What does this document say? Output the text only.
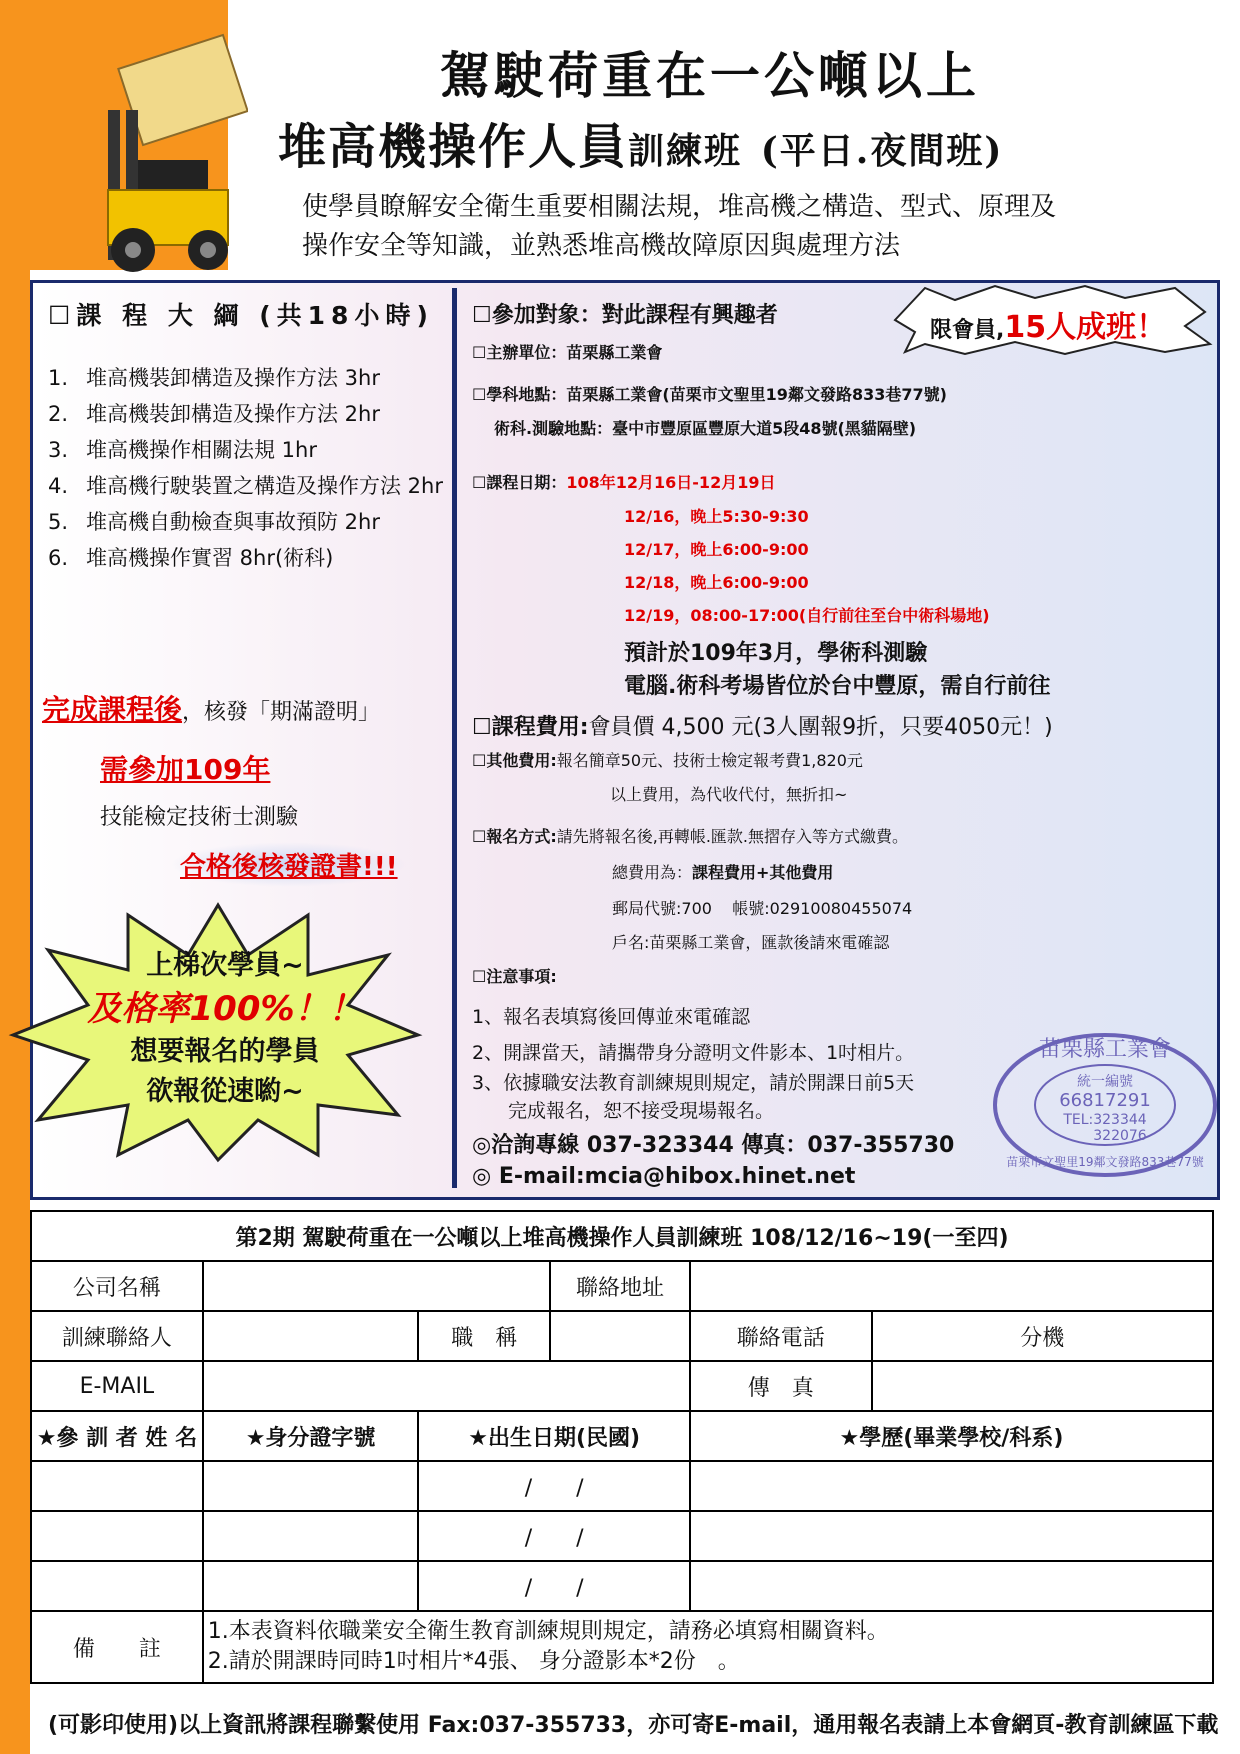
駕駛荷重在一公噸以上
堆高機操作人員訓練班 (平日.夜間班)
使學員瞭解安全衛生重要相關法規，堆高機之構造、型式、原理及
操作安全等知識，並熟悉堆高機故障原因與處理方法
☐課 程 大 綱 (共18小時)
1. 堆高機裝卸構造及操作方法 3hr
2. 堆高機裝卸構造及操作方法 2hr
3. 堆高機操作相關法規 1hr
4. 堆高機行駛裝置之構造及操作方法 2hr
5. 堆高機自動檢查與事故預防 2hr
6. 堆高機操作實習 8hr(術科)
完成課程後，核發「期滿證明」
需參加109年
技能檢定技術士測驗
合格後核發證書!!!
上梯次學員~
及格率100%！！
想要報名的學員
欲報從速喲~
☐參加對象：對此課程有興趣者
限會員,15人成班！
☐主辦單位：苗栗縣工業會
☐學科地點：苗栗縣工業會(苗栗市文聖里19鄰文發路833巷77號)
術科.測驗地點：臺中市豐原區豐原大道5段48號(黑貓隔壁)
☐課程日期：108年12月16日-12月19日
12/16，晚上5:30-9:30
12/17，晚上6:00-9:00
12/18，晚上6:00-9:00
12/19，08:00-17:00(自行前往至台中術科場地)
預計於109年3月，學術科測驗
電腦.術科考場皆位於台中豐原，需自行前往
☐課程費用:會員價 4,500 元(3人團報9折，只要4050元！)
☐其他費用:報名簡章50元、技術士檢定報考費1,820元
以上費用，為代收代付，無折扣~
☐報名方式:請先將報名後,再轉帳.匯款.無摺存入等方式繳費。
總費用為：課程費用+其他費用
郵局代號:700 帳號:02910080455074
戶名:苗栗縣工業會，匯款後請來電確認
☐注意事項:
1、報名表填寫後回傳並來電確認
2、開課當天，請攜帶身分證明文件影本、1吋相片。
3、依據職安法教育訓練規則規定，請於開課日前5天
完成報名，恕不接受現場報名。
◎洽詢專線 037-323344 傳真：037-355730
◎ E-mail:mcia@hibox.hinet.net
苗栗縣工業會
統一編號
66817291
TEL:323344
322076
苗栗市文聖里19鄰文發路833巷77號
第2期 駕駛荷重在一公噸以上堆高機操作人員訓練班 108/12/16~19(一至四)					
公司名稱			聯絡地址		
訓練聯絡人		職　稱		聯絡電話	分機
E-MAIL				傳　真	
★參 訓 者 姓 名	★身分證字號	★出生日期(民國)		★學歷(畢業學校/科系)	
		/　　/			
		/　　/			
		/　　/			
備　　註	1.本表資料依職業安全衛生教育訓練規則規定，請務必填寫相關資料。
2.請於開課時同時1吋相片*4張、 身分證影本*2份　。				
(可影印使用)以上資訊將課程聯繫使用 Fax:037-355733，亦可寄E-mail，通用報名表請上本會網頁-教育訓練區下載
